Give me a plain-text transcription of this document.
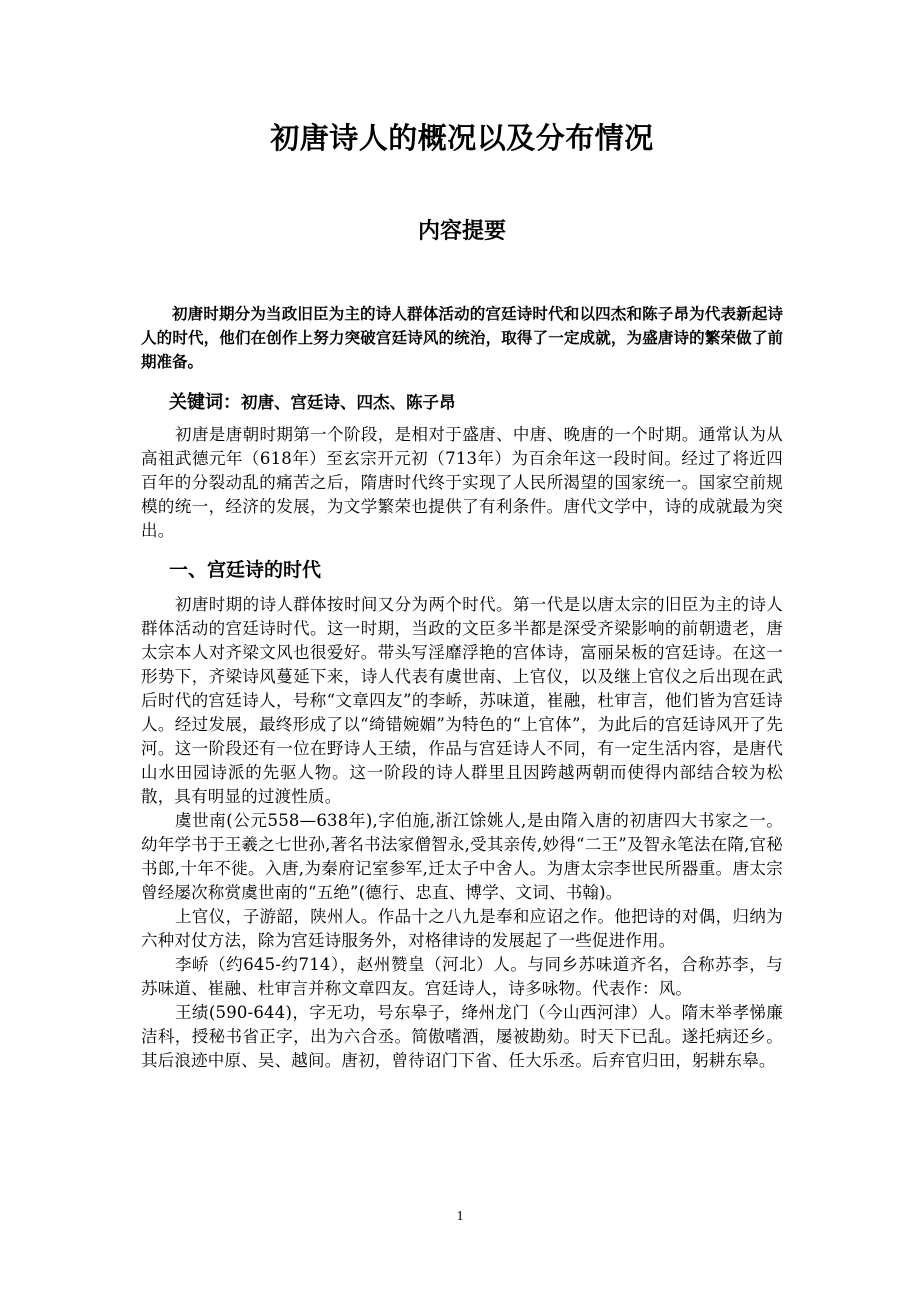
初唐诗人的概况以及分布情况
内容提要

初唐时期分为当政旧臣为主的诗人群体活动的宫廷诗时代和以四杰和陈子昂为代表新起诗人的时代，他们在创作上努力突破宫廷诗风的统治，取得了一定成就，为盛唐诗的繁荣做了前期准备。

关键词：初唐、宫廷诗、四杰、陈子昂

初唐是唐朝时期第一个阶段，是相对于盛唐、中唐、晚唐的一个时期。通常认为从高祖武德元年（618年）至玄宗开元初（713年）为百余年这一段时间。经过了将近四百年的分裂动乱的痛苦之后，隋唐时代终于实现了人民所渴望的国家统一。国家空前规模的统一，经济的发展，为文学繁荣也提供了有利条件。唐代文学中，诗的成就最为突出。

一、宫廷诗的时代

初唐时期的诗人群体按时间又分为两个时代。第一代是以唐太宗的旧臣为主的诗人群体活动的宫廷诗时代。这一时期，当政的文臣多半都是深受齐梁影响的前朝遗老，唐太宗本人对齐梁文风也很爱好。带头写淫靡浮艳的宫体诗，富丽呆板的宫廷诗。在这一形势下，齐梁诗风蔓延下来，诗人代表有虞世南、上官仪，以及继上官仪之后出现在武后时代的宫廷诗人，号称“文章四友”的李峤，苏味道，崔融，杜审言，他们皆为宫廷诗人。经过发展，最终形成了以“绮错婉媚”为特色的“上官体”，为此后的宫廷诗风开了先河。这一阶段还有一位在野诗人王绩，作品与宫廷诗人不同，有一定生活内容，是唐代山水田园诗派的先驱人物。这一阶段的诗人群里且因跨越两朝而使得内部结合较为松散，具有明显的过渡性质。

虞世南(公元558—638年),字伯施,浙江馀姚人,是由隋入唐的初唐四大书家之一。幼年学书于王羲之七世孙,著名书法家僧智永,受其亲传,妙得“二王”及智永笔法在隋,官秘书郎,十年不徙。入唐,为秦府记室参军,迁太子中舍人。为唐太宗李世民所器重。唐太宗曾经屡次称赏虞世南的“五绝”(德行、忠直、博学、文词、书翰)。

上官仪，子游韶，陕州人。作品十之八九是奉和应诏之作。他把诗的对偶，归纳为六种对仗方法，除为宫廷诗服务外，对格律诗的发展起了一些促进作用。

李峤（约645-约714），赵州赞皇（河北）人。与同乡苏味道齐名，合称苏李，与苏味道、崔融、杜审言并称文章四友。宫廷诗人，诗多咏物。代表作：风。

王绩(590-644)，字无功，号东皋子，绛州龙门（今山西河津）人。隋末举孝悌廉洁科，授秘书省正字，出为六合丞。简傲嗜酒，屡被勘劾。时天下已乱。遂托病还乡。其后浪迹中原、吴、越间。唐初，曾待诏门下省、任大乐丞。后弃官归田，躬耕东皋。

1
